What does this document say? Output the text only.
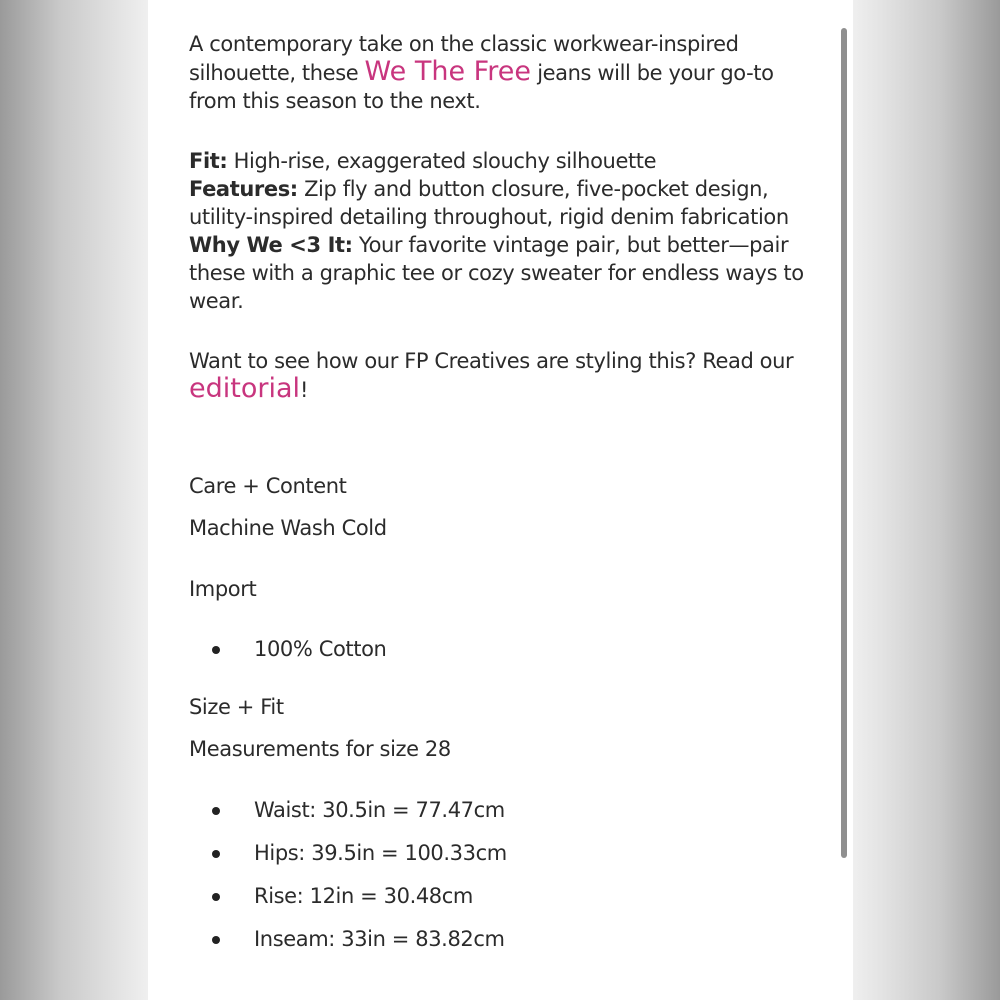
A contemporary take on the classic workwear-inspired silhouette, these We The Free jeans will be your go-to from this season to the next.

Fit: High-rise, exaggerated slouchy silhouette

Features: Zip fly and button closure, five-pocket design, utility-inspired detailing throughout, rigid denim fabrication

Why We <3 It: Your favorite vintage pair, but better—pair these with a graphic tee or cozy sweater for endless ways to wear.

Want to see how our FP Creatives are styling this? Read our editorial!

Care + Content

Machine Wash Cold

Import

100% Cotton

Size + Fit

Measurements for size 28

Waist: 30.5in = 77.47cm
Hips: 39.5in = 100.33cm
Rise: 12in = 30.48cm
Inseam: 33in = 83.82cm
